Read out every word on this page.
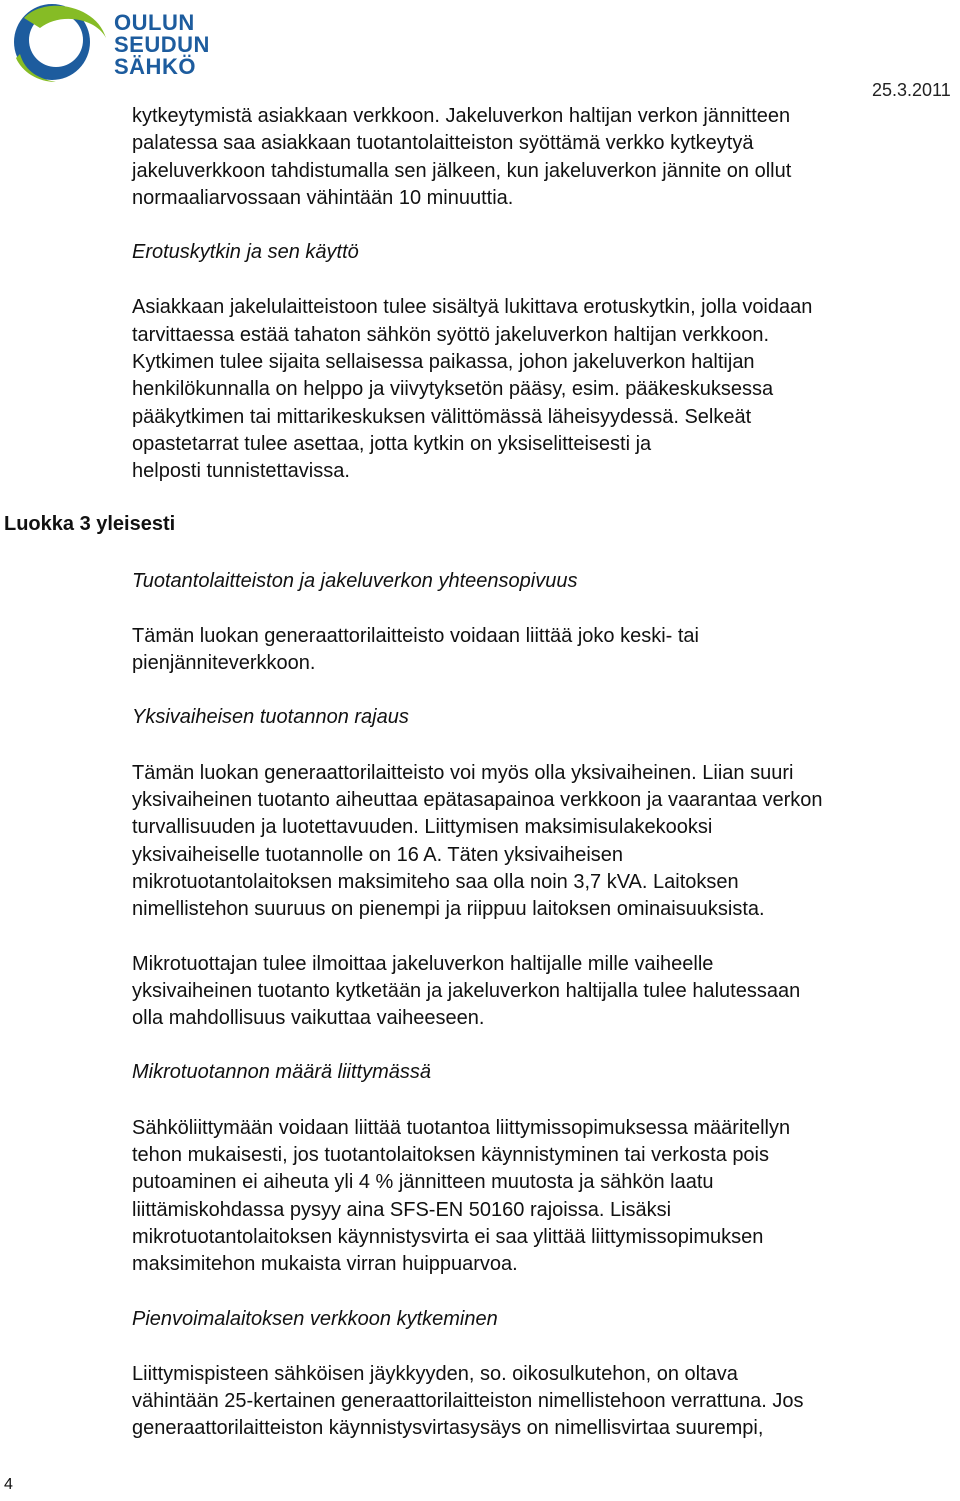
OULUN
SEUDUN
SÄHKÖ
25.3.2011
Luokka 3 yleisesti
4

kytkeytymistä asiakkaan verkkoon. Jakeluverkon haltijan verkon jännitteen
palatessa saa asiakkaan tuotantolaitteiston syöttämä verkko kytkeytyä
jakeluverkkoon tahdistumalla sen jälkeen, kun jakeluverkon jännite on ollut
normaaliarvossaan vähintään 10 minuuttia.

Erotuskytkin ja sen käyttö

Asiakkaan jakelulaitteistoon tulee sisältyä lukittava erotuskytkin, jolla voidaan
tarvittaessa estää tahaton sähkön syöttö jakeluverkon haltijan verkkoon.
Kytkimen tulee sijaita sellaisessa paikassa, johon jakeluverkon haltijan
henkilökunnalla on helppo ja viivytyksetön pääsy, esim. pääkeskuksessa
pääkytkimen tai mittarikeskuksen välittömässä läheisyydessä. Selkeät
opastetarrat tulee asettaa, jotta kytkin on yksiselitteisesti ja
helposti tunnistettavissa.

Tuotantolaitteiston ja jakeluverkon yhteensopivuus

Tämän luokan generaattorilaitteisto voidaan liittää joko keski- tai
pienjänniteverkkoon.

Yksivaiheisen tuotannon rajaus

Tämän luokan generaattorilaitteisto voi myös olla yksivaiheinen. Liian suuri
yksivaiheinen tuotanto aiheuttaa epätasapainoa verkkoon ja vaarantaa verkon
turvallisuuden ja luotettavuuden. Liittymisen maksimisulakekooksi
yksivaiheiselle tuotannolle on 16 A. Täten yksivaiheisen
mikrotuotantolaitoksen maksimiteho saa olla noin 3,7 kVA. Laitoksen
nimellistehon suuruus on pienempi ja riippuu laitoksen ominaisuuksista.

Mikrotuottajan tulee ilmoittaa jakeluverkon haltijalle mille vaiheelle
yksivaiheinen tuotanto kytketään ja jakeluverkon haltijalla tulee halutessaan
olla mahdollisuus vaikuttaa vaiheeseen.

Mikrotuotannon määrä liittymässä

Sähköliittymään voidaan liittää tuotantoa liittymissopimuksessa määritellyn
tehon mukaisesti, jos tuotantolaitoksen käynnistyminen tai verkosta pois
putoaminen ei aiheuta yli 4 % jännitteen muutosta ja sähkön laatu
liittämiskohdassa pysyy aina SFS-EN 50160 rajoissa. Lisäksi
mikrotuotantolaitoksen käynnistysvirta ei saa ylittää liittymissopimuksen
maksimitehon mukaista virran huippuarvoa.

Pienvoimalaitoksen verkkoon kytkeminen

Liittymispisteen sähköisen jäykkyyden, so. oikosulkutehon, on oltava
vähintään 25-kertainen generaattorilaitteiston nimellistehoon verrattuna. Jos
generaattorilaitteiston käynnistysvirtasysäys on nimellisvirtaa suurempi,
